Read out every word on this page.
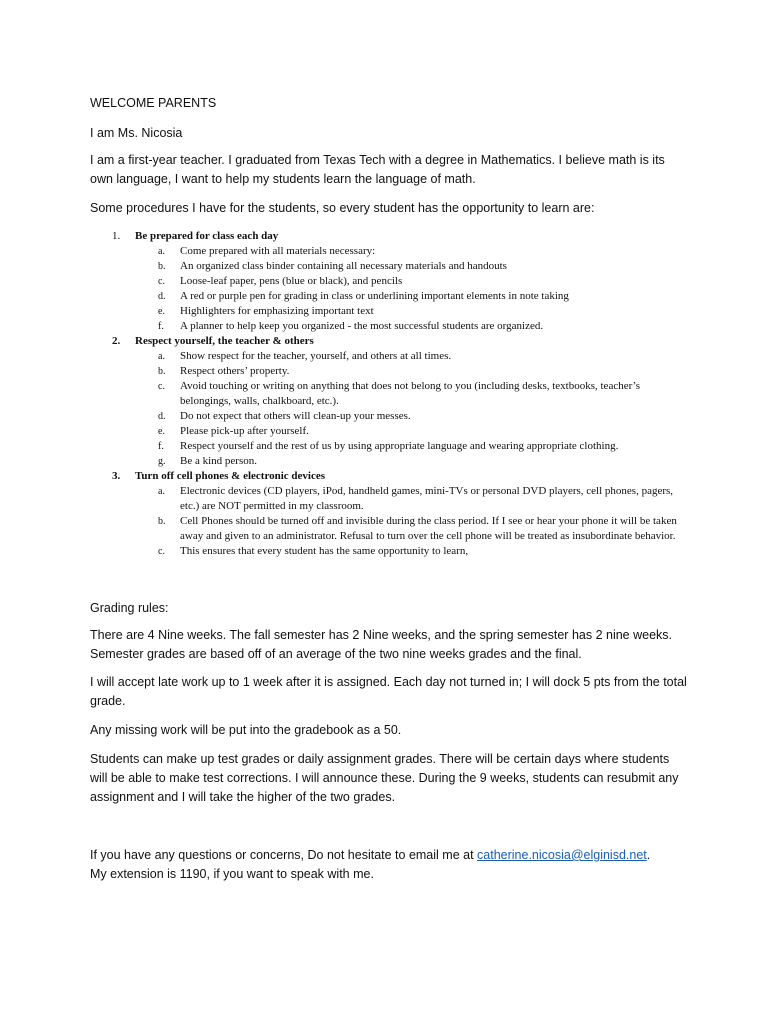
WELCOME PARENTS
I am Ms. Nicosia
I am a first-year teacher. I graduated from Texas Tech with a degree in Mathematics. I believe math is its own language, I want to help my students learn the language of math.
Some procedures I have for the students, so every student has the opportunity to learn are:
1. Be prepared for class each day
a. Come prepared with all materials necessary:
b. An organized class binder containing all necessary materials and handouts
c. Loose-leaf paper, pens (blue or black), and pencils
d. A red or purple pen for grading in class or underlining important elements in note taking
e. Highlighters for emphasizing important text
f. A planner to help keep you organized - the most successful students are organized.
2. Respect yourself, the teacher & others
a. Show respect for the teacher, yourself, and others at all times.
b. Respect others’ property.
c. Avoid touching or writing on anything that does not belong to you (including desks, textbooks, teacher’s belongings, walls, chalkboard, etc.).
d. Do not expect that others will clean-up your messes.
e. Please pick-up after yourself.
f. Respect yourself and the rest of us by using appropriate language and wearing appropriate clothing.
g. Be a kind person.
3. Turn off cell phones & electronic devices
a. Electronic devices (CD players, iPod, handheld games, mini-TVs or personal DVD players, cell phones, pagers, etc.) are NOT permitted in my classroom.
b. Cell Phones should be turned off and invisible during the class period. If I see or hear your phone it will be taken away and given to an administrator. Refusal to turn over the cell phone will be treated as insubordinate behavior.
c. This ensures that every student has the same opportunity to learn,
Grading rules:
There are 4 Nine weeks. The fall semester has 2 Nine weeks, and the spring semester has 2 nine weeks. Semester grades are based off of an average of the two nine weeks grades and the final.
I will accept late work up to 1 week after it is assigned. Each day not turned in; I will dock 5 pts from the total grade.
Any missing work will be put into the gradebook as a 50.
Students can make up test grades or daily assignment grades. There will be certain days where students will be able to make test corrections. I will announce these. During the 9 weeks, students can resubmit any assignment and I will take the higher of the two grades.
If you have any questions or concerns, Do not hesitate to email me at catherine.nicosia@elginisd.net.
My extension is 1190, if you want to speak with me.
